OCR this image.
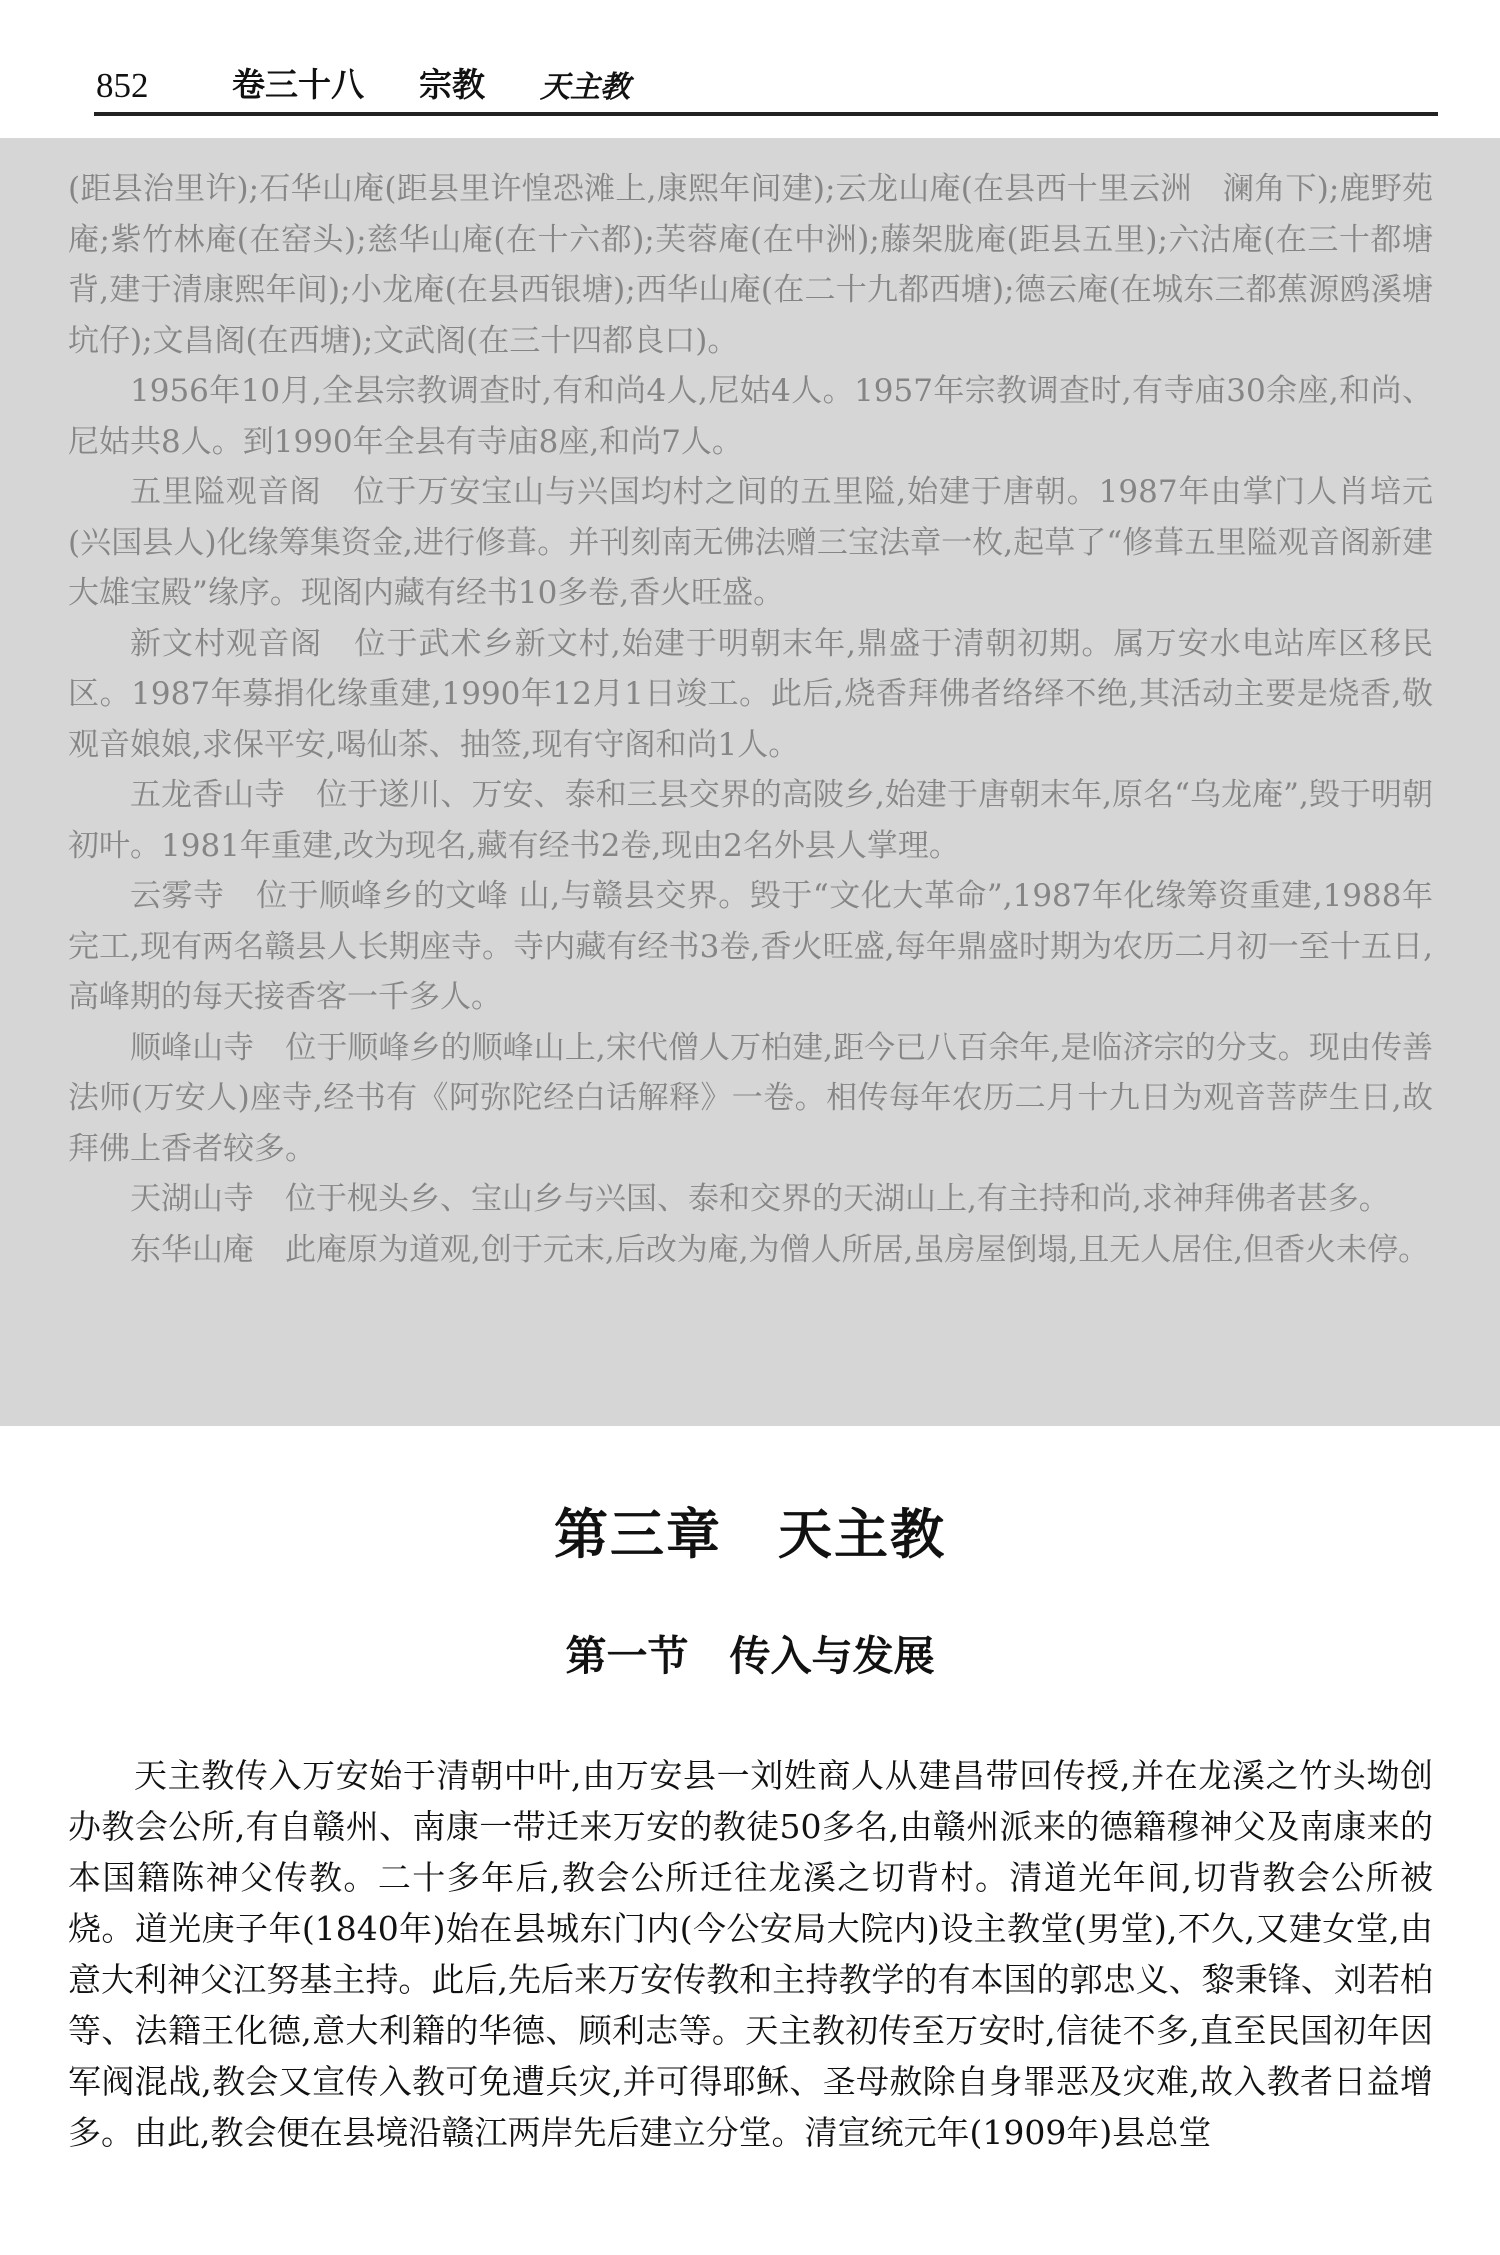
852	卷三十八 宗教 天主教

(距县治里许);石华山庵(距县里许惶恐滩上,康熙年间建);云龙山庵(在县西十里云洲　澜角下);鹿野苑庵;紫竹林庵(在窑头);慈华山庵(在十六都);芙蓉庵(在中洲);藤架胧庵(距县五里);六沽庵(在三十都塘背,建于清康熙年间);小龙庵(在县西银塘);西华山庵(在二十九都西塘);德云庵(在城东三都蕉源鸥溪塘坑仔);文昌阁(在西塘);文武阁(在三十四都良口)。

1956年10月,全县宗教调查时,有和尚4人,尼姑4人。1957年宗教调查时,有寺庙30余座,和尚、尼姑共8人。到1990年全县有寺庙8座,和尚7人。

五里隘观音阁　位于万安宝山与兴国均村之间的五里隘,始建于唐朝。1987年由掌门人肖培元(兴国县人)化缘筹集资金,进行修葺。并刊刻南无佛法赠三宝法章一枚,起草了“修葺五里隘观音阁新建大雄宝殿”缘序。现阁内藏有经书10多卷,香火旺盛。

新文村观音阁　位于武术乡新文村,始建于明朝末年,鼎盛于清朝初期。属万安水电站库区移民区。1987年募捐化缘重建,1990年12月1日竣工。此后,烧香拜佛者络绎不绝,其活动主要是烧香,敬观音娘娘,求保平安,喝仙茶、抽签,现有守阁和尚1人。

五龙香山寺　位于遂川、万安、泰和三县交界的高陂乡,始建于唐朝末年,原名“乌龙庵”,毁于明朝初叶。1981年重建,改为现名,藏有经书2卷,现由2名外县人掌理。

云雾寺　位于顺峰乡的文峰 山,与赣县交界。毁于“文化大革命”,1987年化缘筹资重建,1988年完工,现有两名赣县人长期座寺。寺内藏有经书3卷,香火旺盛,每年鼎盛时期为农历二月初一至十五日,高峰期的每天接香客一千多人。

顺峰山寺　位于顺峰乡的顺峰山上,宋代僧人万柏建,距今已八百余年,是临济宗的分支。现由传善法师(万安人)座寺,经书有《阿弥陀经白话解释》一卷。相传每年农历二月十九日为观音菩萨生日,故拜佛上香者较多。

天湖山寺　位于枧头乡、宝山乡与兴国、泰和交界的天湖山上,有主持和尚,求神拜佛者甚多。

东华山庵　此庵原为道观,创于元末,后改为庵,为僧人所居,虽房屋倒塌,且无人居住,但香火未停。

第三章　天主教
第一节　传入与发展

天主教传入万安始于清朝中叶,由万安县一刘姓商人从建昌带回传授,并在龙溪之竹头坳创办教会公所,有自赣州、南康一带迁来万安的教徒50多名,由赣州派来的德籍穆神父及南康来的本国籍陈神父传教。二十多年后,教会公所迁往龙溪之切背村。清道光年间,切背教会公所被烧。道光庚子年(1840年)始在县城东门内(今公安局大院内)设主教堂(男堂),不久,又建女堂,由意大利神父江努基主持。此后,先后来万安传教和主持教学的有本国的郭忠义、黎秉锋、刘若柏等、法籍王化德,意大利籍的华德、顾利志等。天主教初传至万安时,信徒不多,直至民国初年因军阀混战,教会又宣传入教可免遭兵灾,并可得耶稣、圣母赦除自身罪恶及灾难,故入教者日益增多。由此,教会便在县境沿赣江两岸先后建立分堂。清宣统元年(1909年)县总堂
